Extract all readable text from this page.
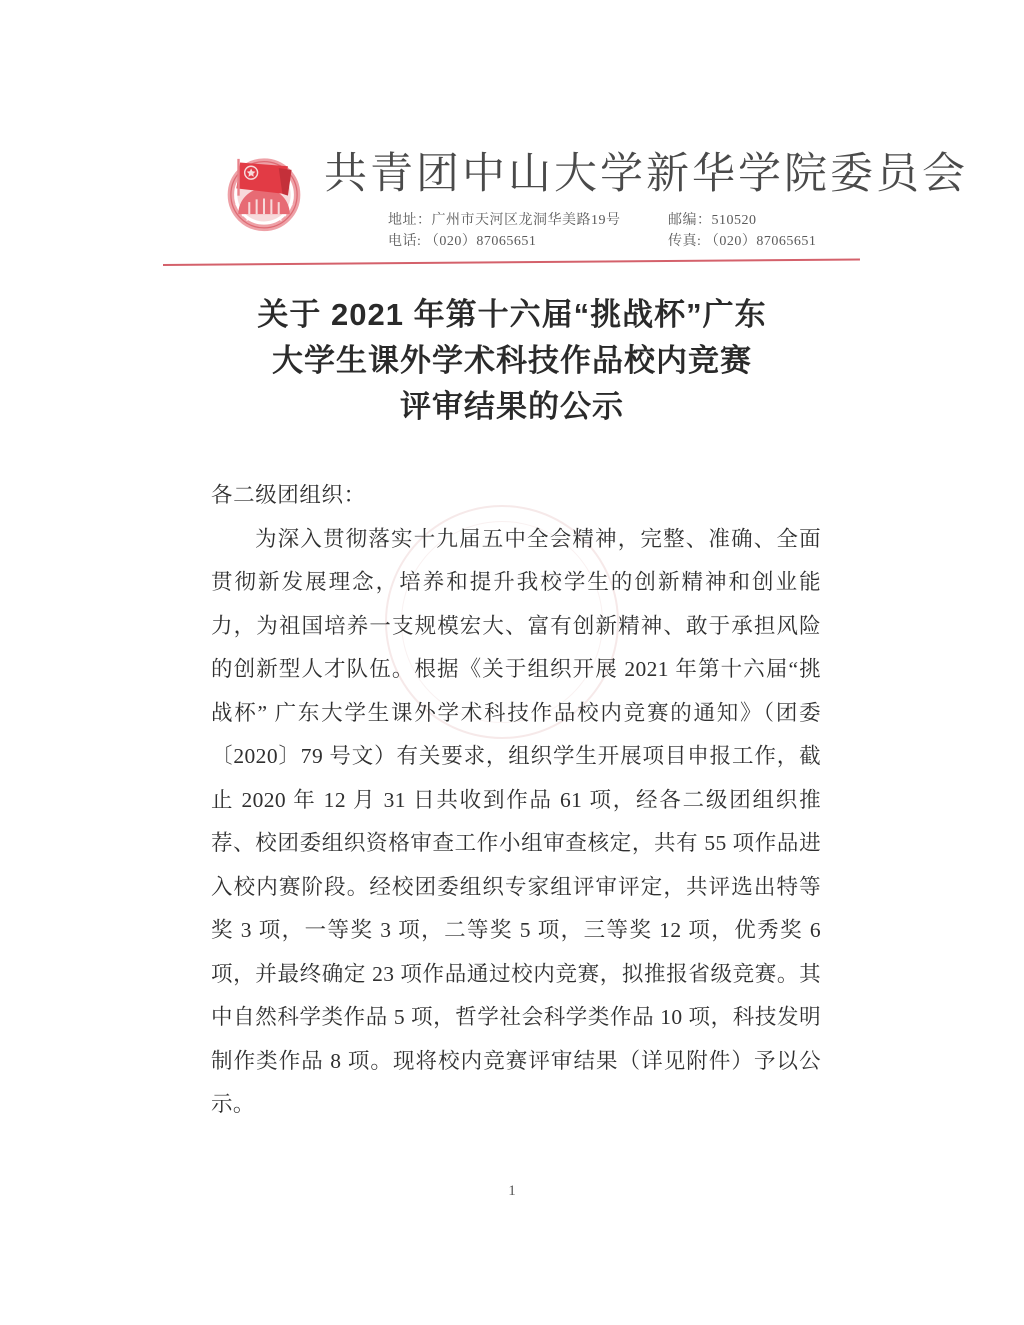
共青团中山大学新华学院委员会
地址：广州市天河区龙洞华美路19号	邮编：510520
电话: （020）87065651	传真: （020）87065651
关于 2021 年第十六届“挑战杯”广东
大学生课外学术科技作品校内竞赛
评审结果的公示

各二级团组织：

为深入贯彻落实十九届五中全会精神，完整、准确、全面贯彻新发展理念，培养和提升我校学生的创新精神和创业能力，为祖国培养一支规模宏大、富有创新精神、敢于承担风险的创新型人才队伍。根据《关于组织开展 2021 年第十六届“挑战杯” 广东大学生课外学术科技作品校内竞赛的通知》（团委〔2020〕79 号文）有关要求，组织学生开展项目申报工作，截止 2020 年 12 月 31 日共收到作品 61 项，经各二级团组织推荐、校团委组织资格审查工作小组审查核定，共有 55 项作品进入校内赛阶段。经校团委组织专家组评审评定，共评选出特等奖 3 项，一等奖 3 项，二等奖 5 项，三等奖 12 项，优秀奖 6 项，并最终确定 23 项作品通过校内竞赛，拟推报省级竞赛。其中自然科学类作品 5 项，哲学社会科学类作品 10 项，科技发明制作类作品 8 项。现将校内竞赛评审结果（详见附件）予以公示。

1
